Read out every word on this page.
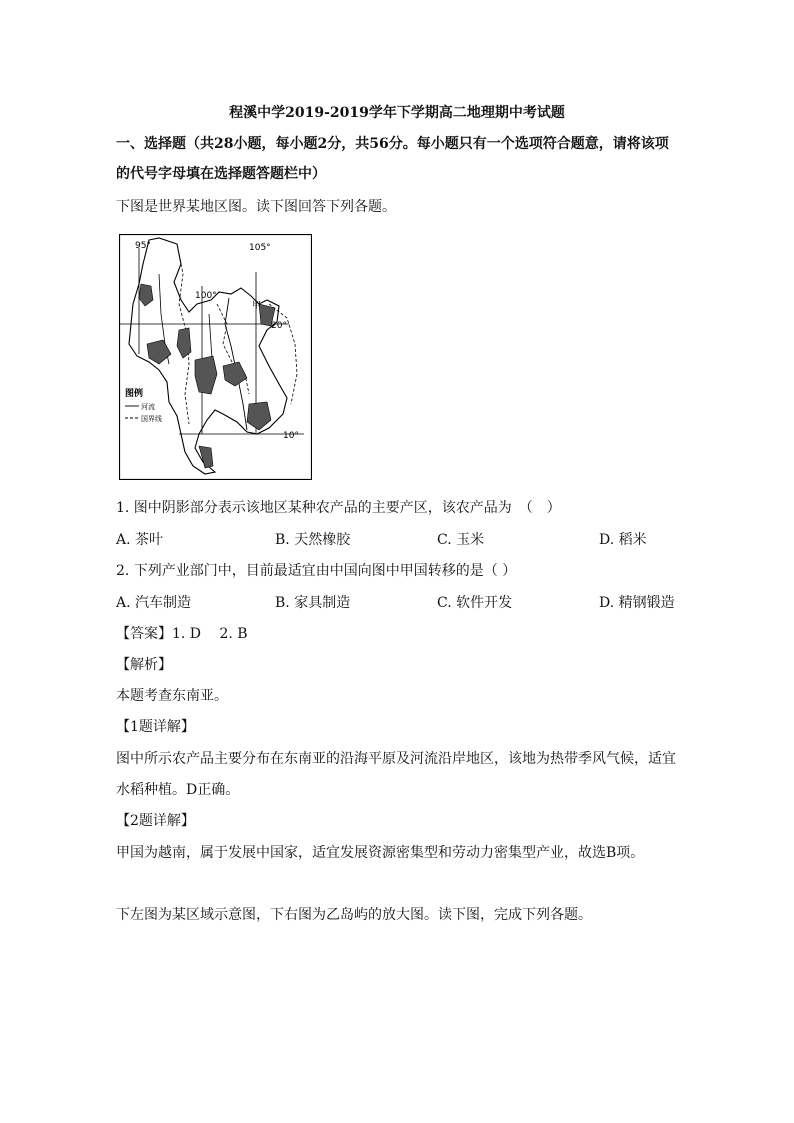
程溪中学2019-2019学年下学期高二地理期中考试题
一、选择题（共28小题，每小题2分，共56分。每小题只有一个选项符合题意，请将该项
的代号字母填在选择题答题栏中）
下图是世界某地区图。读下图回答下列各题。
95°
100°
105°
20°
10°
甲
图例
河流
国界线
1. 图中阴影部分表示该地区某种农产品的主要产区，该农产品为　（　）
A. 茶叶	B. 天然橡胶	C. 玉米	D. 稻米
2. 下列产业部门中，目前最适宜由中国向图中甲国转移的是（ ）
A. 汽车制造	B. 家具制造	C. 软件开发	D. 精钢锻造
【答案】1. D　 2. B
【解析】
本题考查东南亚。
【1题详解】
图中所示农产品主要分布在东南亚的沿海平原及河流沿岸地区，该地为热带季风气候，适宜
水稻种植。D正确。
【2题详解】
甲国为越南，属于发展中国家，适宜发展资源密集型和劳动力密集型产业，故选B项。
下左图为某区域示意图，下右图为乙岛屿的放大图。读下图，完成下列各题。
